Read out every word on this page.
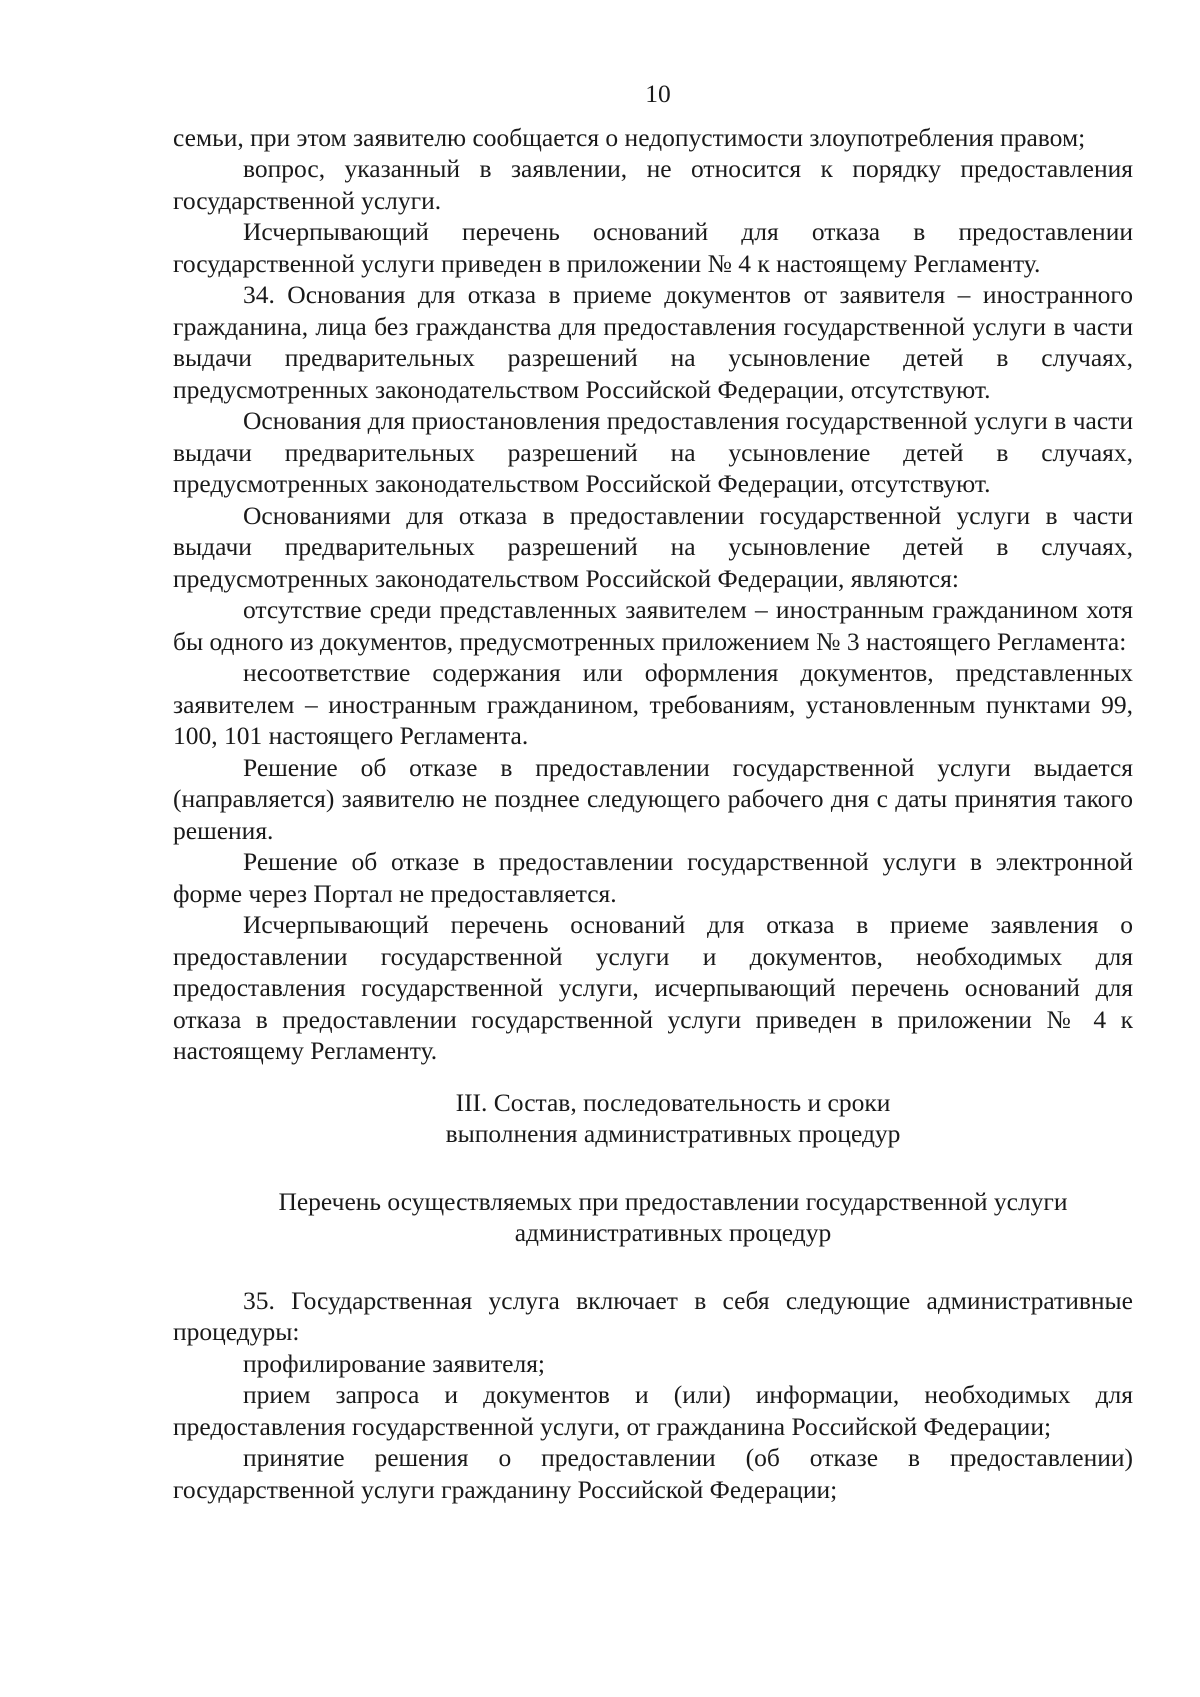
10

семьи, при этом заявителю сообщается о недопустимости злоупотребления правом;

вопрос, указанный в заявлении, не относится к порядку предоставления государственной услуги.

Исчерпывающий перечень оснований для отказа в предоставлении государственной услуги приведен в приложении № 4 к настоящему Регламенту.

34. Основания для отказа в приеме документов от заявителя – иностранного гражданина, лица без гражданства для предоставления государственной услуги в части выдачи предварительных разрешений на усыновление детей в случаях, предусмотренных законодательством Российской Федерации, отсутствуют.

Основания для приостановления предоставления государственной услуги в части выдачи предварительных разрешений на усыновление детей в случаях, предусмотренных законодательством Российской Федерации, отсутствуют.

Основаниями для отказа в предоставлении государственной услуги в части выдачи предварительных разрешений на усыновление детей в случаях, предусмотренных законодательством Российской Федерации, являются:

отсутствие среди представленных заявителем – иностранным гражданином хотя бы одного из документов, предусмотренных приложением № 3 настоящего Регламента:

несоответствие содержания или оформления документов, представленных заявителем – иностранным гражданином, требованиям, установленным пунктами 99, 100, 101 настоящего Регламента.

Решение об отказе в предоставлении государственной услуги выдается (направляется) заявителю не позднее следующего рабочего дня с даты принятия такого решения.

Решение об отказе в предоставлении государственной услуги в электронной форме через Портал не предоставляется.

Исчерпывающий перечень оснований для отказа в приеме заявления о предоставлении государственной услуги и документов, необходимых для предоставления государственной услуги, исчерпывающий перечень оснований для отказа в предоставлении государственной услуги приведен в приложении № 4 к настоящему Регламенту.

III. Состав, последовательность и сроки
выполнения административных процедур
Перечень осуществляемых при предоставлении государственной услуги
административных процедур

35. Государственная услуга включает в себя следующие административные процедуры:

профилирование заявителя;

прием запроса и документов и (или) информации, необходимых для предоставления государственной услуги, от гражданина Российской Федерации;

принятие решения о предоставлении (об отказе в предоставлении) государственной услуги гражданину Российской Федерации;
